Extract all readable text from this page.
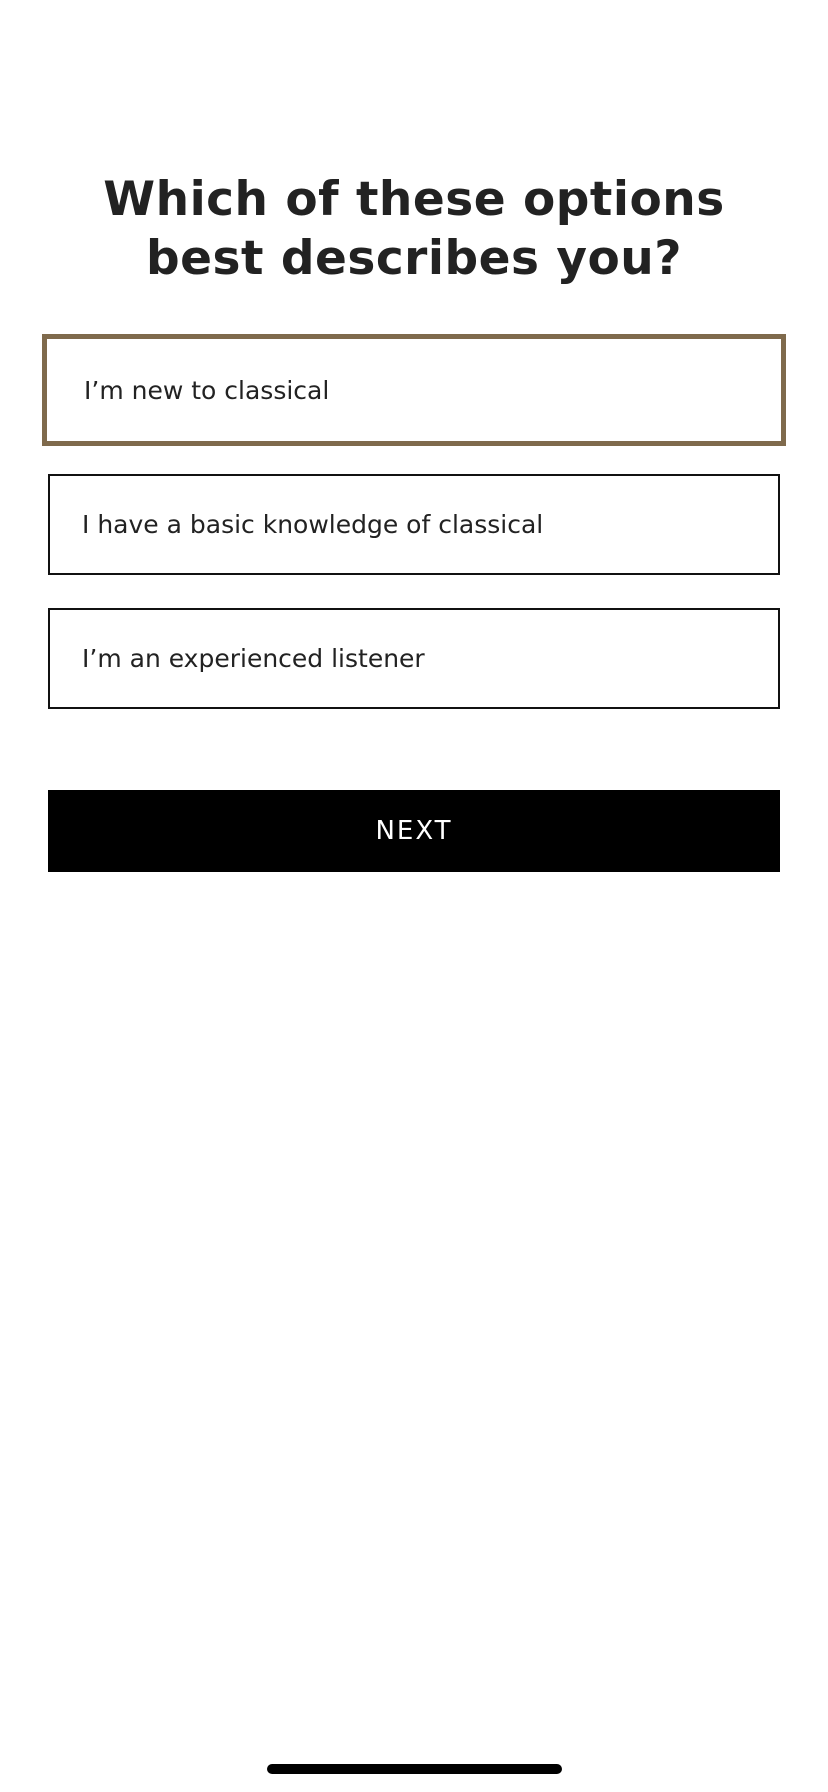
Which of these options best describes you?
I’m new to classical
I have a basic knowledge of classical
I’m an experienced listener
NEXT
